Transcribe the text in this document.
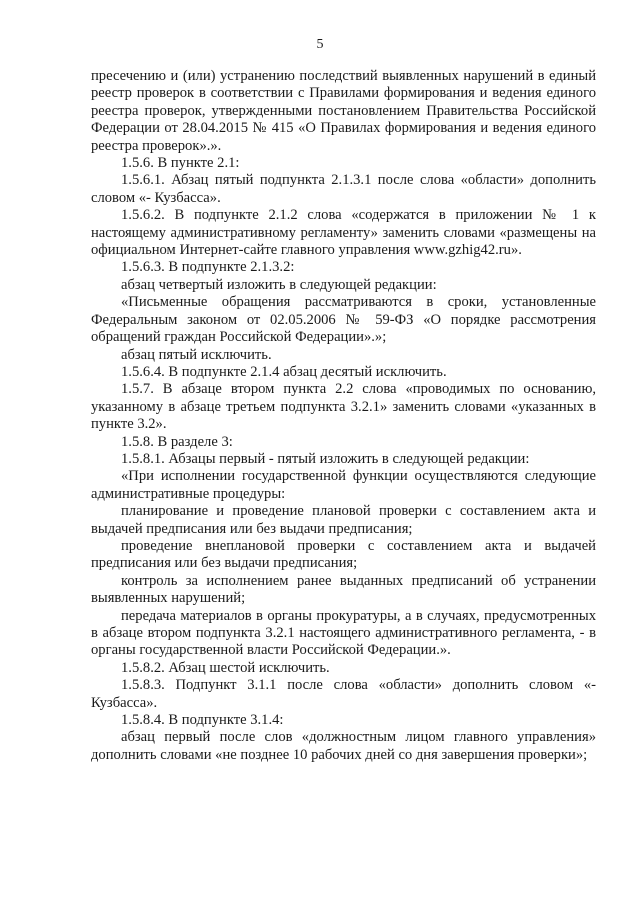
5

пресечению и (или) устранению последствий выявленных нарушений в единый реестр проверок в соответствии с Правилами формирования и ведения единого реестра проверок, утвержденными постановлением Правительства Российской Федерации от 28.04.2015 № 415 «О Правилах формирования и ведения единого реестра проверок».».

1.5.6. В пункте 2.1:

1.5.6.1. Абзац пятый подпункта 2.1.3.1 после слова «области» дополнить словом «- Кузбасса».

1.5.6.2. В подпункте 2.1.2 слова «содержатся в приложении № 1 к настоящему административному регламенту» заменить словами «размещены на официальном Интернет-сайте главного управления www.gzhig42.ru».

1.5.6.3. В подпункте 2.1.3.2:

абзац четвертый изложить в следующей редакции:

«Письменные обращения рассматриваются в сроки, установленные Федеральным законом от 02.05.2006 № 59-ФЗ «О порядке рассмотрения обращений граждан Российской Федерации».»;

абзац пятый исключить.

1.5.6.4. В подпункте 2.1.4 абзац десятый исключить.

1.5.7. В абзаце втором пункта 2.2 слова «проводимых по основанию, указанному в абзаце третьем подпункта 3.2.1» заменить словами «указанных в пункте 3.2».

1.5.8. В разделе 3:

1.5.8.1. Абзацы первый - пятый изложить в следующей редакции:

«При исполнении государственной функции осуществляются следующие административные процедуры:

планирование и проведение плановой проверки с составлением акта и выдачей предписания или без выдачи предписания;

проведение внеплановой проверки с составлением акта и выдачей предписания или без выдачи предписания;

контроль за исполнением ранее выданных предписаний об устранении выявленных нарушений;

передача материалов в органы прокуратуры, а в случаях, предусмотренных в абзаце втором подпункта 3.2.1 настоящего административного регламента, - в органы государственной власти Российской Федерации.».

1.5.8.2. Абзац шестой исключить.

1.5.8.3. Подпункт 3.1.1 после слова «области» дополнить словом «- Кузбасса».

1.5.8.4. В подпункте 3.1.4:

абзац первый после слов «должностным лицом главного управления» дополнить словами «не позднее 10 рабочих дней со дня завершения проверки»;
